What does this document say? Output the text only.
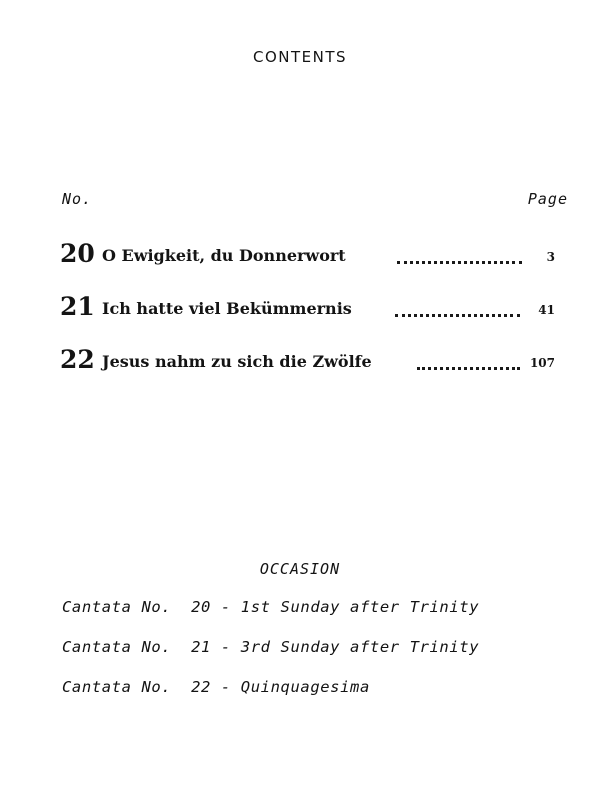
CONTENTS
No.	Page
20 O Ewigkeit, du Donnerwort	3
21 Ich hatte viel Bekümmernis	41
22 Jesus nahm zu sich die Zwölfe	107
OCCASION
Cantata No. 20 - 1st Sunday after Trinity
Cantata No. 21 - 3rd Sunday after Trinity
Cantata No. 22 - Quinquagesima
